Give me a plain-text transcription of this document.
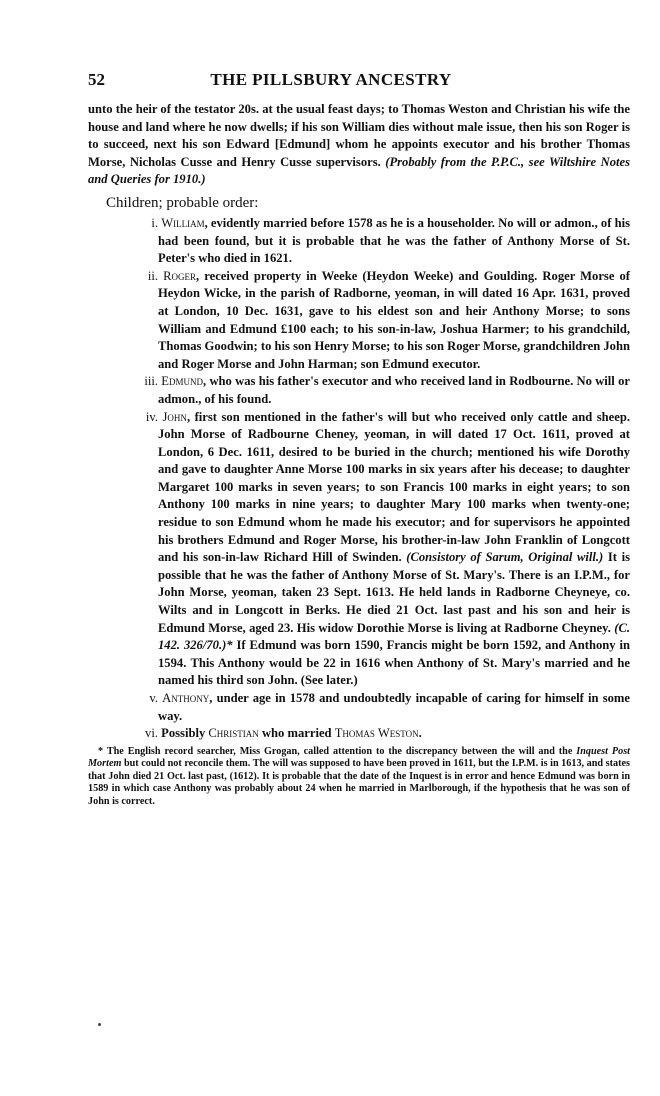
52	THE PILLSBURY ANCESTRY

unto the heir of the testator 20s. at the usual feast days; to Thomas Weston and Christian his wife the house and land where he now dwells; if his son William dies without male issue, then his son Roger is to succeed, next his son Edward [Edmund] whom he appoints executor and his brother Thomas Morse, Nicholas Cusse and Henry Cusse supervisors. (Probably from the P.P.C., see Wiltshire Notes and Queries for 1910.)

Children; probable order:
i. William, evidently married before 1578 as he is a householder. No will or admon., of his had been found, but it is probable that he was the father of Anthony Morse of St. Peter's who died in 1621.
ii. Roger, received property in Weeke (Heydon Weeke) and Goulding. Roger Morse of Heydon Wicke, in the parish of Radborne, yeoman, in will dated 16 Apr. 1631, proved at London, 10 Dec. 1631, gave to his eldest son and heir Anthony Morse; to sons William and Edmund £100 each; to his son-in-law, Joshua Harmer; to his grandchild, Thomas Goodwin; to his son Henry Morse; to his son Roger Morse, grandchildren John and Roger Morse and John Harman; son Edmund executor.
iii. Edmund, who was his father's executor and who received land in Rodbourne. No will or admon., of his found.
iv. John, first son mentioned in the father's will but who received only cattle and sheep. John Morse of Radbourne Cheney, yeoman, in will dated 17 Oct. 1611, proved at London, 6 Dec. 1611, desired to be buried in the church; mentioned his wife Dorothy and gave to daughter Anne Morse 100 marks in six years after his decease; to daughter Margaret 100 marks in seven years; to son Francis 100 marks in eight years; to son Anthony 100 marks in nine years; to daughter Mary 100 marks when twenty-one; residue to son Edmund whom he made his executor; and for supervisors he appointed his brothers Edmund and Roger Morse, his brother-in-law John Franklin of Longcott and his son-in-law Richard Hill of Swinden. (Consistory of Sarum, Original will.) It is possible that he was the father of Anthony Morse of St. Mary's. There is an I.P.M., for John Morse, yeoman, taken 23 Sept. 1613. He held lands in Radborne Cheyneye, co. Wilts and in Longcott in Berks. He died 21 Oct. last past and his son and heir is Edmund Morse, aged 23. His widow Dorothie Morse is living at Radborne Cheyney. (C. 142. 326/70.)* If Edmund was born 1590, Francis might be born 1592, and Anthony in 1594. This Anthony would be 22 in 1616 when Anthony of St. Mary's married and he named his third son John. (See later.)
v. Anthony, under age in 1578 and undoubtedly incapable of caring for himself in some way.
vi. Possibly Christian who married Thomas Weston.

* The English record searcher, Miss Grogan, called attention to the discrepancy between the will and the Inquest Post Mortem but could not reconcile them. The will was supposed to have been proved in 1611, but the I.P.M. is in 1613, and states that John died 21 Oct. last past, (1612). It is probable that the date of the Inquest is in error and hence Edmund was born in 1589 in which case Anthony was probably about 24 when he married in Marlborough, if the hypothesis that he was son of John is correct.
